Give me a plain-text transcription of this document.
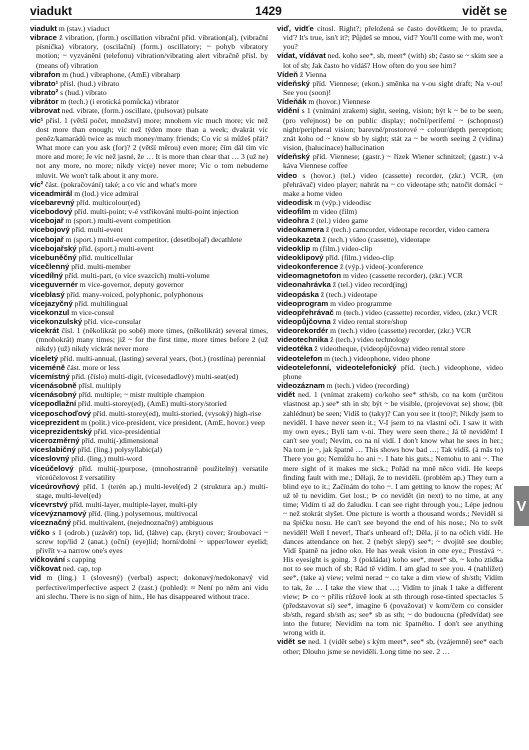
viadukt	1429	vidět se

viadukt m (stav.) viaduct

vibrace ž vibration, (form.) oscillation vibrační příd. vibration(al), (vibrační písnička) vibratory, (oscilační) (form.) oscillatory; ~ pohyb vibratory motion; ~ vyzvánění (telefonu) vibration/vibrating alert vibračně přísl. by (means of) vibration

vibrafon m (hud.) vibraphone, (AmE) vibraharp

vibrato¹ přísl. (hud.) vibrato

vibrato² s (hud.) vibrato

vibrátor m (tech.) (i erotická pomůcka) vibrator

vibrovat ned. vibrate, (form.) oscillate, (pulsovat) pulsate

víc¹ přísl. 1 (větší počet, množství) more; mnohem víc much more; víc než dost more than enough; víc než týden more than a week; dvakrát víc peněz/kamarádů twice as much money/many friends; Co víc si můžeš přát? What more can you ask (for)? 2 (větší měrou) even more; čím dál tím víc more and more; Je víc než jasné, že … It is more than clear that … 3 (už ne) not any more, no more; nikdy víc(e) never more; Víc o tom nebudeme mluvit. We won't talk about it any more.

víc² část. (pokračování) také; a co víc and what's more

viceadmirál m (lod.) vice admiral

vícebarevný příd. multicolour(ed)

vícebodový příd. multi-point; v-é vstřikování multi-point injection

vícebojař m (sport.) multi-event competition

vícebojový příd. multi-event

vícebojař m (sport.) multi-event competitor, (desetibojař) decathlete

vícebojařský příd. (sport.) multi-event

vícebuněčný příd. multicellular

vícečlenný příd. multi-member

vícedílný příd. multi-part, (o více svazcích) multi-volume

viceguvernér m vice-governor, deputy governor

víceblasý příd. many-voiced, polyphonic, polyphonous

vícejazyčný příd. multilingual

vicekonzul m vice-consul

vicekonzulský příd. vice-consular

vícekrát čísl. 1 (několikrát po sobě) more times, (několikrát) several times, (mnohokrát) many times; již ~ for the first time, more times before 2 (už nikdy) (už) nikdy víckrát never more

víceletý příd. multi-annual, (lasting) several years, (bot.) (rostlina) perennial

viceméně část. more or less

vícemístný příd. (číslo) multi-digit, (vícesedadlový) multi-seat(ed)

vícenásobně přísl. multiply

vícenásobný příd. multiple; ~ mistr multiple champion

vícepodlažní příd. multi-storey(ed), (AmE) multi-story/storied

víceposchoďový příd. multi-storey(ed), multi-storied, (vysoký) high-rise

viceprezident m (polit.) vice-president, vice president, (AmE, hovor.) veep

viceprezidentský příd. vice-presidential

vícerozměrný příd. multi(-)dimensional

víceslabičný příd. (ling.) polysyllabic(al)

víceslovný příd. (ling.) multi-word

víceúčelový příd. multi(-)purpose, (mnohostranně použitelný) versatile víceúčelovost ž versatility

víceúrovňový příd. 1 (terén ap.) multi-level(ed) 2 (struktura ap.) multi-stage, multi-level(ed)

vícevrstvý příd. multi-layer, multiple-layer, multi-ply

vícevýznamový příd. (ling.) polysemous, multivocal

víceznačný příd. multivalent, (nejednoznačný) ambiguous

víčko s 1 (odrob.) (uzávěr) top, lid, (láhve) cap, (kryt) cover; šroubovací ~ screw top/lid 2 (anat.) (oční) (eye)lid; horní/dolní ~ upper/lower eyelid; přivřít v-a narrow one's eyes

víčkování s capping

víčkovat ned. cap, top

vid m (ling.) 1 (slovesný) (verbal) aspect; dokonavý/nedokonavý vid perfective/imperfective aspect 2 (zast.) (pohled): ≈ Není po něm ani vidu ani slechu. There is no sign of him., He has disappeared without trace.

viď, vidťe citosl. Right?; přeložená se často dovětkem; Je to pravda, viď? It's true, isn't it?; Půjdeš se mnou, viď? You'll come with me, won't you?

vídat, vídávat ned. koho see*, sb, meet* (with) sb; často se ~ skim see a lot of sb; Jak často ho vídáš? How often do you see him?

Vídeň ž Vienna

vídeňský příd. Viennese; (ekon.) směnka na v-ou sight draft; Na v-ou! See you (soon)!

Vídeňák m (hovor.) Viennese

vídění s 1 (vnímání zrakem) sight, seeing, vision; být k ~ be to be seen, (pro veřejnost) be on public display; noční/periferní ~ (schopnost) night/peripheral vision; barevné/prostorové ~ colour/depth perception; znát koho od ~ know sb by sight; stát za ~ be worth seeing 2 (vidina) vision, (halucinace) hallucination

vídeňský příd. Viennese; (gastr.) ~ řízek Wiener schnitzel; (gastr.) v-á káva Viennese coffee

video s (hovor.) (tel.) video (cassette) recorder, (zkr.) VCR, (en přehrávač) video player; nahrát na ~ co videotape sth; natočit domácí ~ make a home video

videodisk m (výp.) videodisc

videofilm m video (film)

videohra ž (tel.) video game

videokamera ž (tech.) camcorder, videotape recorder, video camera

videokazeta ž (tech.) video (cassette), videotape

videoklip m (film.) video-clip

videoklipový příd. (film.) video-clip

videokonference ž (výp.) video(-)conference

videomagnetofon m video (cassette recorder), (zkr.) VCR

videonahrávka ž (tel.) video record(ing)

videopáska ž (tech.) videotape

videoprogram m video programme

videopřehrávač m (tech.) video (cassette) recorder, video, (zkr.) VCR

videopůjčovna ž video rental store/shop

videorekordér m (tech.) video (cassette) recorder, (zkr.) VCR

videotechnika ž (tech.) video technology

videotéka ž videotheque, (videopůjčovna) video rental store

videotelefon m (tech.) videophone, video phone

videotelefonní, videotelefonický příd. (tech.) videophone, video phone

videozáznam m (tech.) video (recording)

vidět ned. 1 (vnímat zrakem) co/koho see* sth/sb, co na kom (určitou vlastnost ap.) see* sth in sb; být ~ be visible, (projevovat se) show, (bít zahlédnut) be seen; Vidíš to (taky)? Can you see it (too)?; Nikdy jsem to neviděl. I have never seen it.; V-I jsem to na vlastní oči. I saw it with my own eyes.; Bylí tam v-ni. They were seen there.; Já tě neviděm! I can't see you!; Nevím, co na ní vidí. I don't know what he sees in her.; Na tom je ~, jak špatně … This shows how bad …; Tak vidíš. (á mās to) There you go; Nemůžu ho ani ~. I hate his guts.; Nemohu to ani ~. The mere sight of it makes me sick.; Pořád na mně něco vidí. He keeps finding fault with me.; Dělají, že to neviděli. (problém ap.) They turn a blind eye to it.; Začínám do toho ~. I am getting to know the ropes; Ať už tě tu nevidím. Get lost.; ⊳ co nevidět (in next) to no time, at any time; Vidím ti až do žaludku. I can see right through you.; Lépe jednou ~ než stokrát slyšet. One picture is worth a thousand words.; Neviděl si na špičku nosu. He can't see beyond the end of his nose.; No to svět neviděl! Well I never!, That's unheard of!; Děla, jí to na očích vidí. He dances attendance on her. 2 (nebýt slepý) see*; ~ dvojitě see double; Vidí špatně na jedno oko. He has weak vision in one eye.; Prestává ~. His eyesight is going. 3 (pokládat) koho see*, meet* sb, ~ koho ztidka not to see much of sb; Rád tě vidím. I am glad to see you. 4 (nahlížet) see*, (take a) view; velmi nerad ~ co take a dim view of sh/sth; Vidím to tak, že … I take the view that …; Vidím to jinak I take a different view; ⊳ co ~ přílis růžově look at sth through rose-tinted spectacles 5 (představovat si) see*, imagine 6 (považovat) v kom/čem co consider sb/sth, regard sb/sth as; see* sb as sth; ~ do budoucna (předvídat) see into the future; Nevidím na tom nic špatného. I don't see anything wrong with it.

vidět se ned. 1 (vidět sebe) s kým meet*, see* sb, (vzájemně) see* each other; Dlouho jsme se neviděli. Long time no see. 2 …

V
